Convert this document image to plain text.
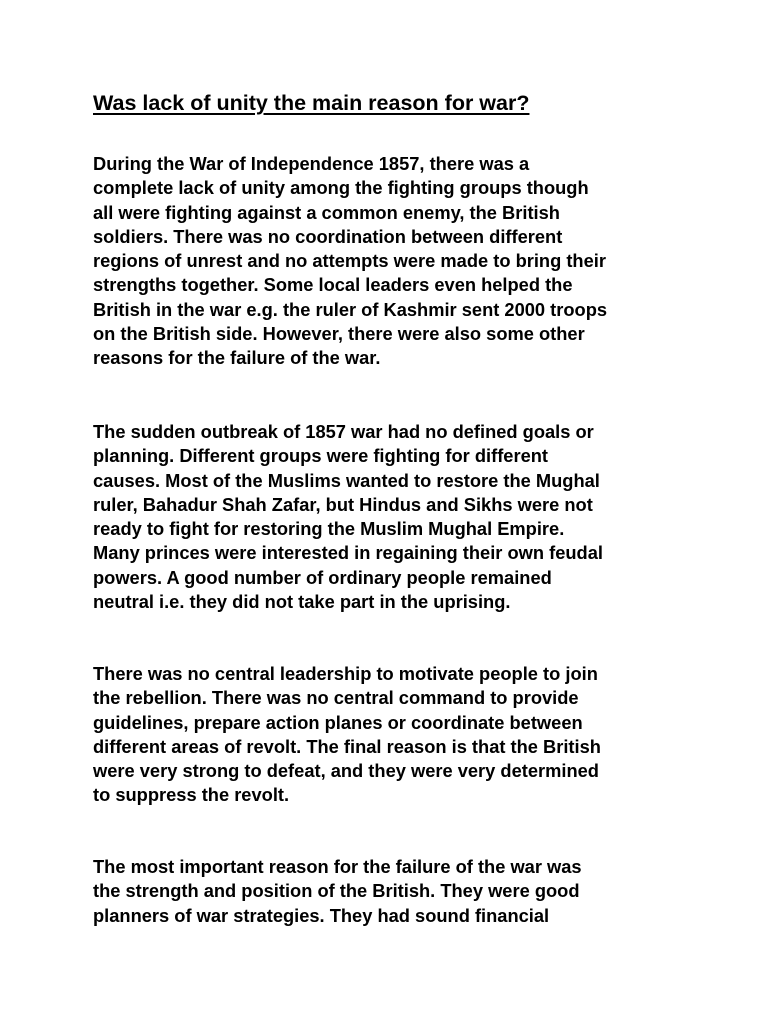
Was lack of unity the main reason for war?
During the War of Independence 1857, there was a
complete lack of unity among the fighting groups though
all were fighting against a common enemy, the British
soldiers. There was no coordination between different
regions of unrest and no attempts were made to bring their
strengths together. Some local leaders even helped the
British in the war e.g. the ruler of Kashmir sent 2000 troops
on the British side. However, there were also some other
reasons for the failure of the war.
The sudden outbreak of 1857 war had no defined goals or
planning. Different groups were fighting for different
causes. Most of the Muslims wanted to restore the Mughal
ruler, Bahadur Shah Zafar, but Hindus and Sikhs were not
ready to fight for restoring the Muslim Mughal Empire.
Many princes were interested in regaining their own feudal
powers. A good number of ordinary people remained
neutral i.e. they did not take part in the uprising.
There was no central leadership to motivate people to join
the rebellion. There was no central command to provide
guidelines, prepare action planes or coordinate between
different areas of revolt. The final reason is that the British
were very strong to defeat, and they were very determined
to suppress the revolt.
The most important reason for the failure of the war was
the strength and position of the British. They were good
planners of war strategies. They had sound financial
